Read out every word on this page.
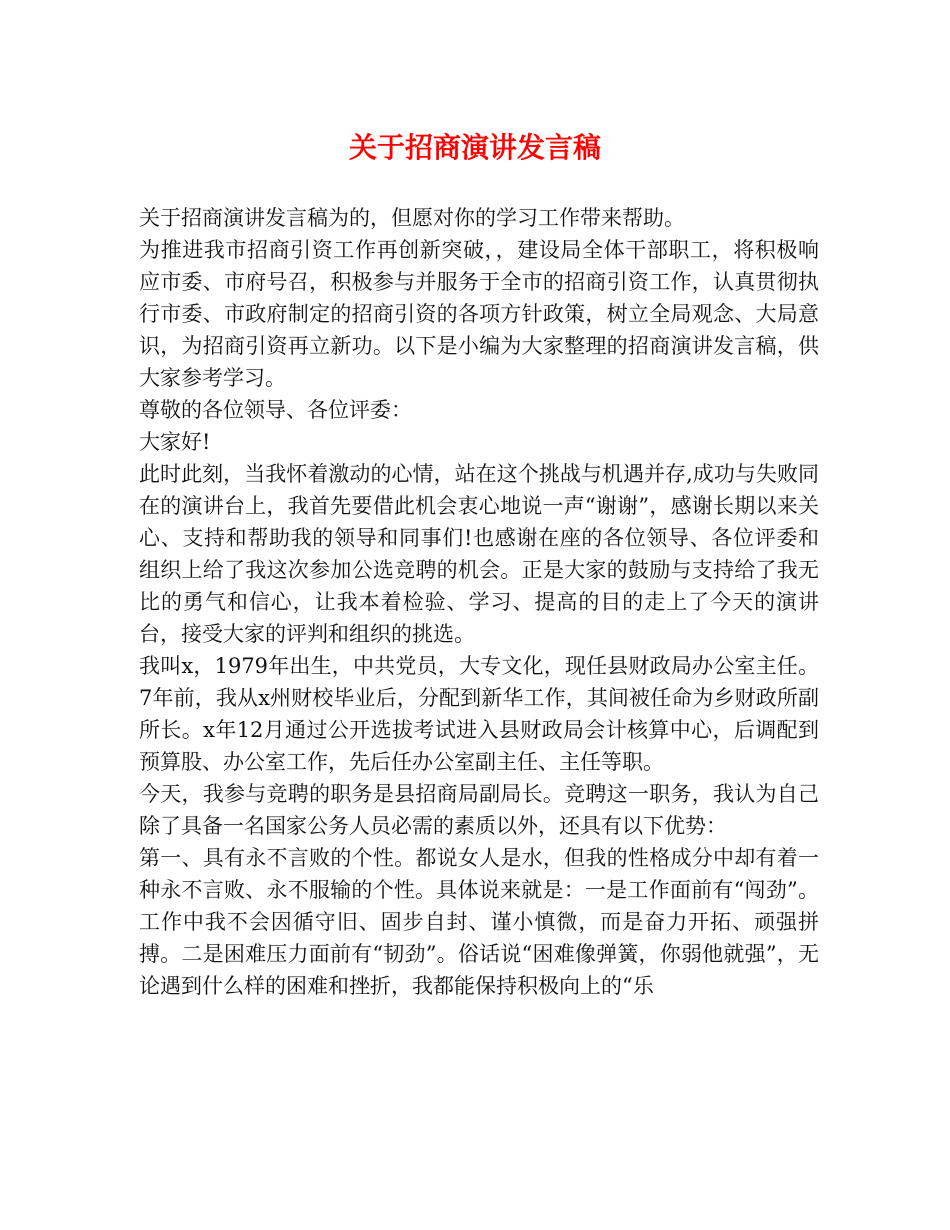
关于招商演讲发言稿

关于招商演讲发言稿为的，但愿对你的学习工作带来帮助。

为推进我市招商引资工作再创新突破，，建设局全体干部职工，将积极响应市委、市府号召，积极参与并服务于全市的招商引资工作，认真贯彻执行市委、市政府制定的招商引资的各项方针政策，树立全局观念、大局意识，为招商引资再立新功。以下是小编为大家整理的招商演讲发言稿，供大家参考学习。

尊敬的各位领导、各位评委：

大家好!

此时此刻，当我怀着激动的心情，站在这个挑战与机遇并存,成功与失败同在的演讲台上，我首先要借此机会衷心地说一声“谢谢”，感谢长期以来关心、支持和帮助我的领导和同事们!也感谢在座的各位领导、各位评委和组织上给了我这次参加公选竞聘的机会。正是大家的鼓励与支持给了我无比的勇气和信心，让我本着检验、学习、提高的目的走上了今天的演讲台，接受大家的评判和组织的挑选。

我叫x，1979年出生，中共党员，大专文化，现任县财政局办公室主任。7年前，我从x州财校毕业后，分配到新华工作，其间被任命为乡财政所副所长。x年12月通过公开选拔考试进入县财政局会计核算中心，后调配到预算股、办公室工作，先后任办公室副主任、主任等职。

今天，我参与竞聘的职务是县招商局副局长。竞聘这一职务，我认为自己除了具备一名国家公务人员必需的素质以外，还具有以下优势：

第一、具有永不言败的个性。都说女人是水，但我的性格成分中却有着一种永不言败、永不服输的个性。具体说来就是：一是工作面前有“闯劲”。工作中我不会因循守旧、固步自封、谨小慎微，而是奋力开拓、顽强拼搏。二是困难压力面前有“韧劲”。俗话说“困难像弹簧，你弱他就强”，无论遇到什么样的困难和挫折，我都能保持积极向上的“乐
